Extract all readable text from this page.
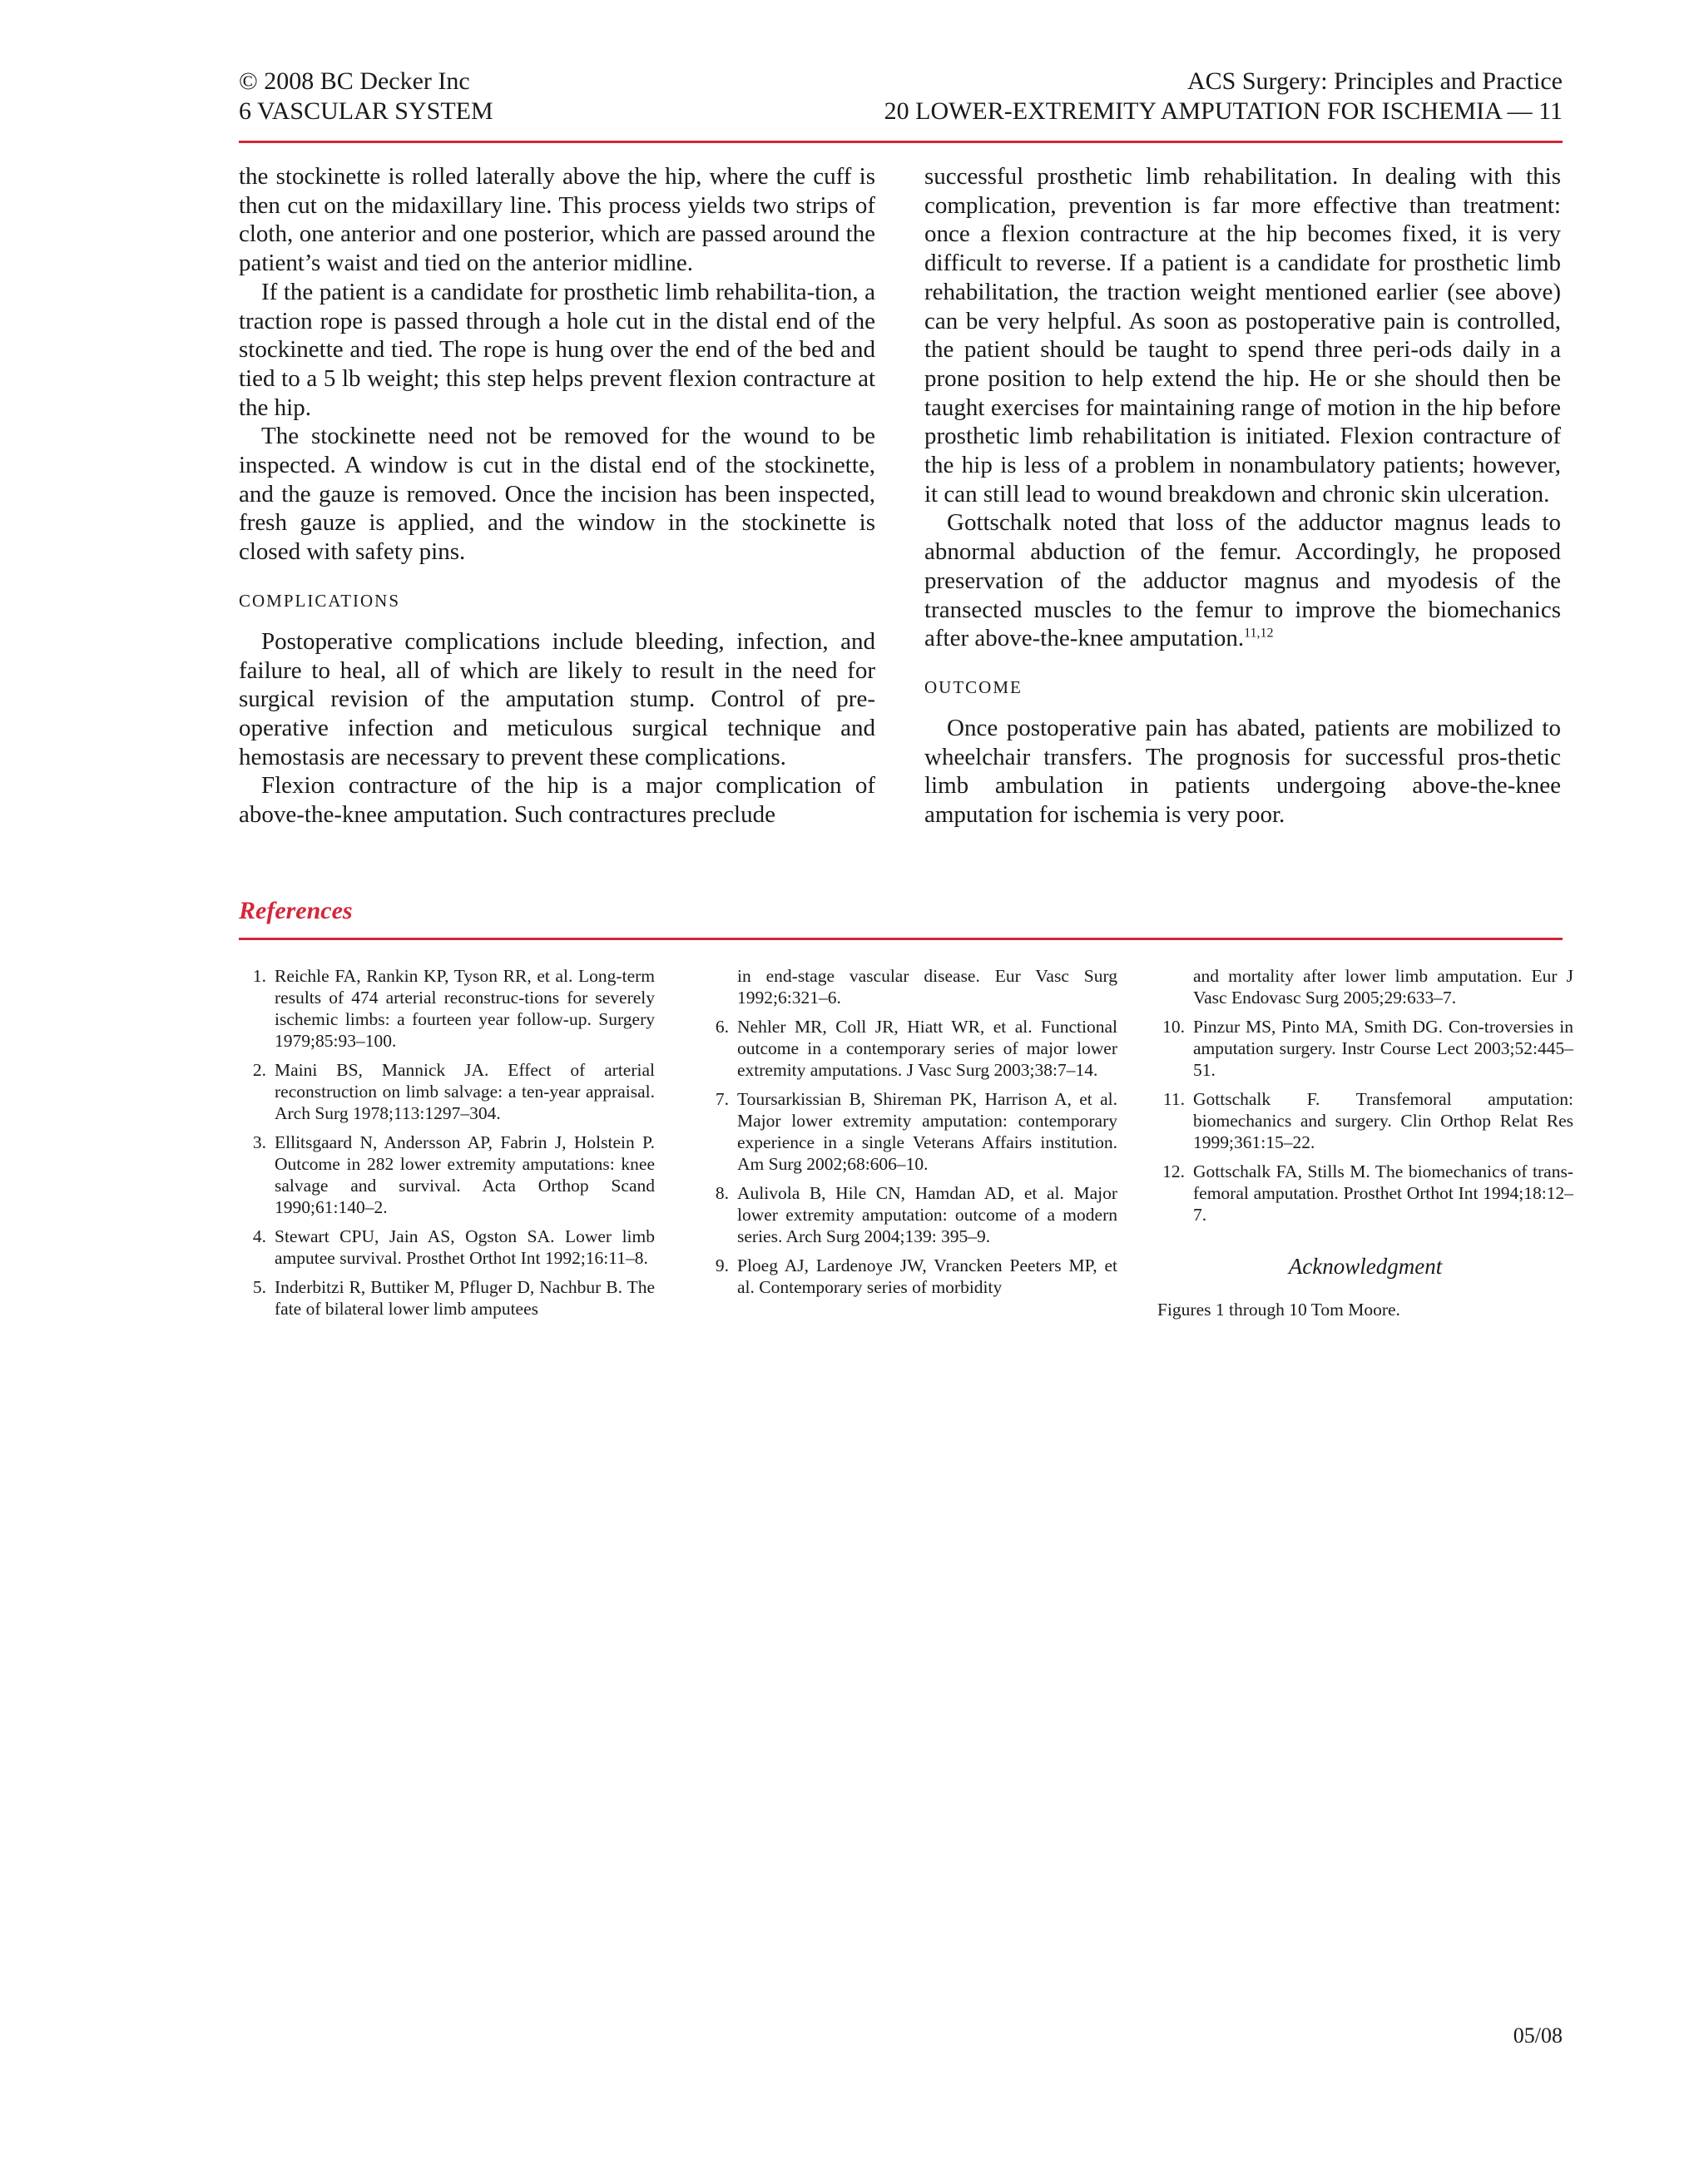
© 2008 BC Decker Inc	ACS Surgery: Principles and Practice
6 VASCULAR SYSTEM	20 LOWER-EXTREMITY AMPUTATION FOR ISCHEMIA — 11

the stockinette is rolled laterally above the hip, where the cuff is then cut on the midaxillary line. This process yields two strips of cloth, one anterior and one posterior, which are passed around the patient’s waist and tied on the anterior midline.

If the patient is a candidate for prosthetic limb rehabilita-tion, a traction rope is passed through a hole cut in the distal end of the stockinette and tied. The rope is hung over the end of the bed and tied to a 5 lb weight; this step helps prevent flexion contracture at the hip.

The stockinette need not be removed for the wound to be inspected. A window is cut in the distal end of the stockinette, and the gauze is removed. Once the incision has been inspected, fresh gauze is applied, and the window in the stockinette is closed with safety pins.

COMPLICATIONS

Postoperative complications include bleeding, infection, and failure to heal, all of which are likely to result in the need for surgical revision of the amputation stump. Control of pre-operative infection and meticulous surgical technique and hemostasis are necessary to prevent these complications.

Flexion contracture of the hip is a major complication of above-the-knee amputation. Such contractures preclude

successful prosthetic limb rehabilitation. In dealing with this complication, prevention is far more effective than treatment: once a flexion contracture at the hip becomes fixed, it is very difficult to reverse. If a patient is a candidate for prosthetic limb rehabilitation, the traction weight mentioned earlier (see above) can be very helpful. As soon as postoperative pain is controlled, the patient should be taught to spend three peri-ods daily in a prone position to help extend the hip. He or she should then be taught exercises for maintaining range of motion in the hip before prosthetic limb rehabilitation is initiated. Flexion contracture of the hip is less of a problem in nonambulatory patients; however, it can still lead to wound breakdown and chronic skin ulceration.

Gottschalk noted that loss of the adductor magnus leads to abnormal abduction of the femur. Accordingly, he proposed preservation of the adductor magnus and myodesis of the transected muscles to the femur to improve the biomechanics after above-the-knee amputation.$^{11,12}$

OUTCOME

Once postoperative pain has abated, patients are mobilized to wheelchair transfers. The prognosis for successful pros-thetic limb ambulation in patients undergoing above-the-knee amputation for ischemia is very poor.

References
1. Reichle FA, Rankin KP, Tyson RR, et al. Long-term results of 474 arterial reconstruc-tions for severely ischemic limbs: a fourteen year follow-up. Surgery 1979;85:93–100.
2. Maini BS, Mannick JA. Effect of arterial reconstruction on limb salvage: a ten-year appraisal. Arch Surg 1978;113:1297–304.
3. Ellitsgaard N, Andersson AP, Fabrin J, Holstein P. Outcome in 282 lower extremity amputations: knee salvage and survival. Acta Orthop Scand 1990;61:140–2.
4. Stewart CPU, Jain AS, Ogston SA. Lower limb amputee survival. Prosthet Orthot Int 1992;16:11–8.
5. Inderbitzi R, Buttiker M, Pfluger D, Nachbur B. The fate of bilateral lower limb amputees
in end-stage vascular disease. Eur Vasc Surg 1992;6:321–6.
6. Nehler MR, Coll JR, Hiatt WR, et al. Functional outcome in a contemporary series of major lower extremity amputations. J Vasc Surg 2003;38:7–14.
7. Toursarkissian B, Shireman PK, Harrison A, et al. Major lower extremity amputation: contemporary experience in a single Veterans Affairs institution. Am Surg 2002;68:606–10.
8. Aulivola B, Hile CN, Hamdan AD, et al. Major lower extremity amputation: outcome of a modern series. Arch Surg 2004;139: 395–9.
9. Ploeg AJ, Lardenoye JW, Vrancken Peeters MP, et al. Contemporary series of morbidity
and mortality after lower limb amputation. Eur J Vasc Endovasc Surg 2005;29:633–7.
10. Pinzur MS, Pinto MA, Smith DG. Con-troversies in amputation surgery. Instr Course Lect 2003;52:445–51.
11. Gottschalk F. Transfemoral amputation: biomechanics and surgery. Clin Orthop Relat Res 1999;361:15–22.
12. Gottschalk FA, Stills M. The biomechanics of trans-femoral amputation. Prosthet Orthot Int 1994;18:12–7.
Acknowledgment
Figures 1 through 10 Tom Moore.
05/08
